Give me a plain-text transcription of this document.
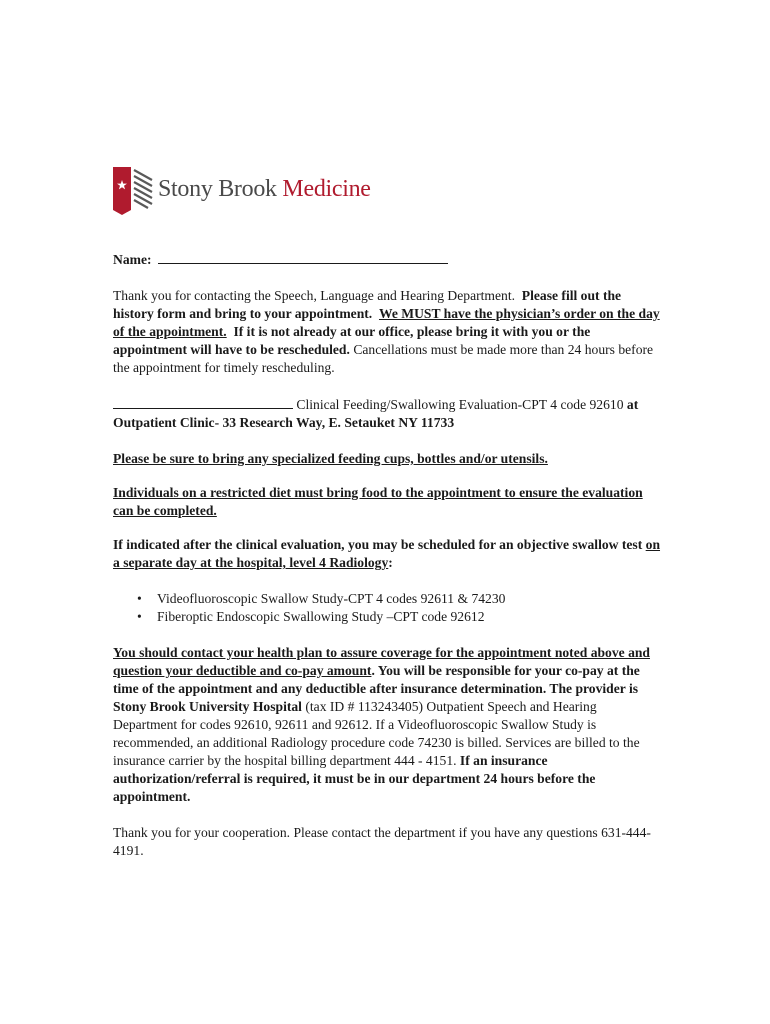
Stony Brook Medicine

Name:

Thank you for contacting the Speech, Language and Hearing Department. Please fill out the history form and bring to your appointment. We MUST have the physician’s order on the day of the appointment. If it is not already at our office, please bring it with you or the appointment will have to be rescheduled. Cancellations must be made more than 24 hours before the appointment for timely rescheduling.

Clinical Feeding/Swallowing Evaluation-CPT 4 code 92610 at Outpatient Clinic- 33 Research Way, E. Setauket NY 11733

Please be sure to bring any specialized feeding cups, bottles and/or utensils.

Individuals on a restricted diet must bring food to the appointment to ensure the evaluation can be completed.

If indicated after the clinical evaluation, you may be scheduled for an objective swallow test on a separate day at the hospital, level 4 Radiology:

• Videofluoroscopic Swallow Study-CPT 4 codes 92611 & 74230
• Fiberoptic Endoscopic Swallowing Study –CPT code 92612

You should contact your health plan to assure coverage for the appointment noted above and question your deductible and co-pay amount. You will be responsible for your co-pay at the time of the appointment and any deductible after insurance determination. The provider is Stony Brook University Hospital (tax ID # 113243405) Outpatient Speech and Hearing Department for codes 92610, 92611 and 92612. If a Videofluoroscopic Swallow Study is recommended, an additional Radiology procedure code 74230 is billed. Services are billed to the insurance carrier by the hospital billing department 444 - 4151. If an insurance authorization/referral is required, it must be in our department 24 hours before the appointment.

Thank you for your cooperation. Please contact the department if you have any questions 631-444-4191.
